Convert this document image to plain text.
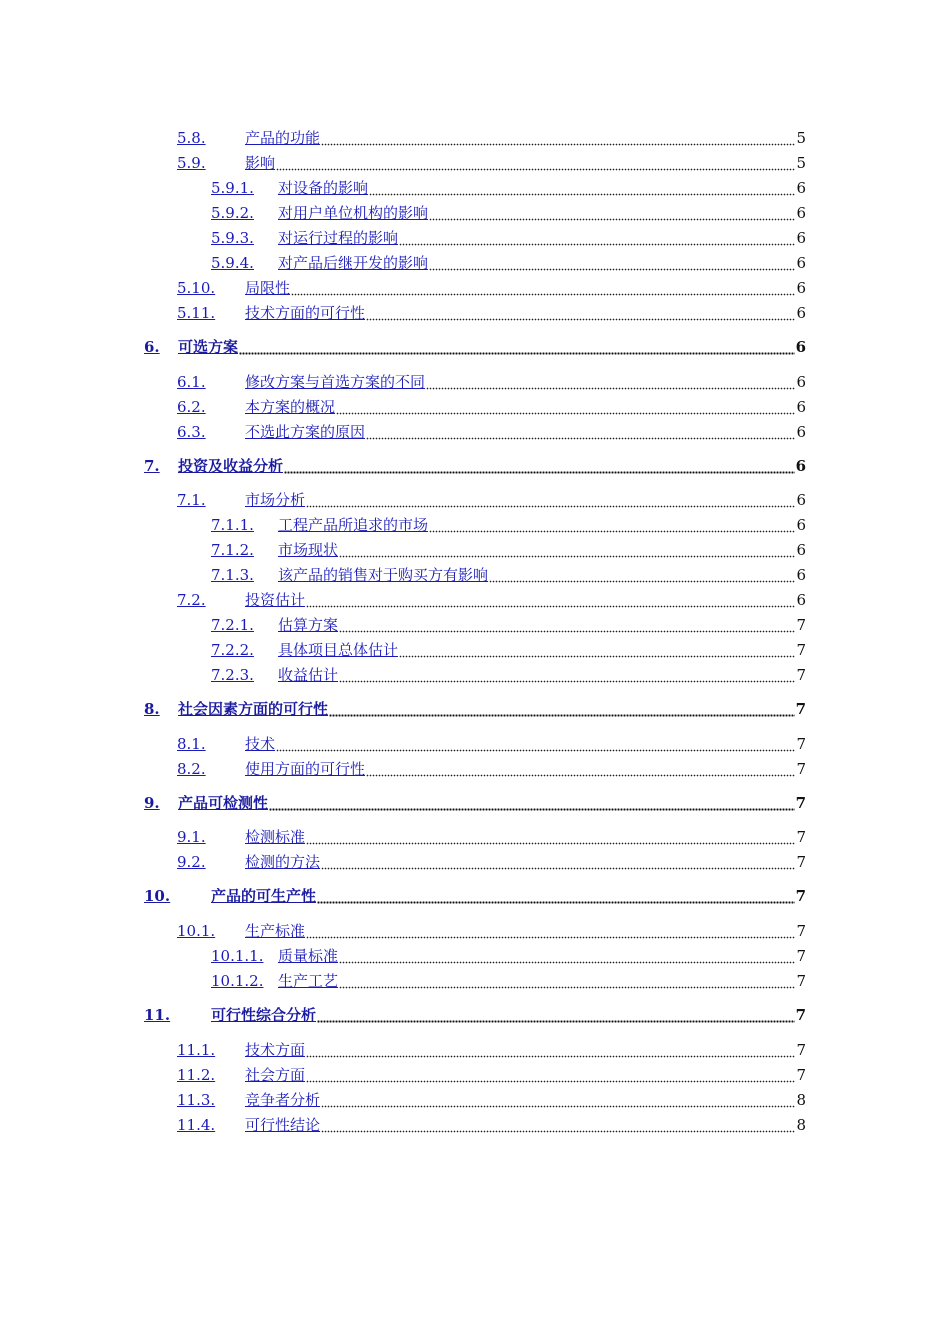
5.8.	产品的功能	5
5.9.	影响	5
5.9.1.	对设备的影响	6
5.9.2.	对用户单位机构的影响	6
5.9.3.	对运行过程的影响	6
5.9.4.	对产品后继开发的影响	6
5.10.	局限性	6
5.11.	技术方面的可行性	6
6.	可选方案	6
6.1.	修改方案与首选方案的不同	6
6.2.	本方案的概况	6
6.3.	不选此方案的原因	6
7.	投资及收益分析	6
7.1.	市场分析	6
7.1.1.	工程产品所追求的市场	6
7.1.2.	市场现状	6
7.1.3.	该产品的销售对于购买方有影响	6
7.2.	投资估计	6
7.2.1.	估算方案	7
7.2.2.	具体项目总体估计	7
7.2.3.	收益估计	7
8.	社会因素方面的可行性	7
8.1.	技术	7
8.2.	使用方面的可行性	7
9.	产品可检测性	7
9.1.	检测标准	7
9.2.	检测的方法	7
10.	产品的可生产性	7
10.1.	生产标准	7
10.1.1. 质量标准	7
10.1.2. 生产工艺	7
11.	可行性综合分析	7
11.1.	技术方面	7
11.2.	社会方面	7
11.3.	竞争者分析	8
11.4.	可行性结论	8
